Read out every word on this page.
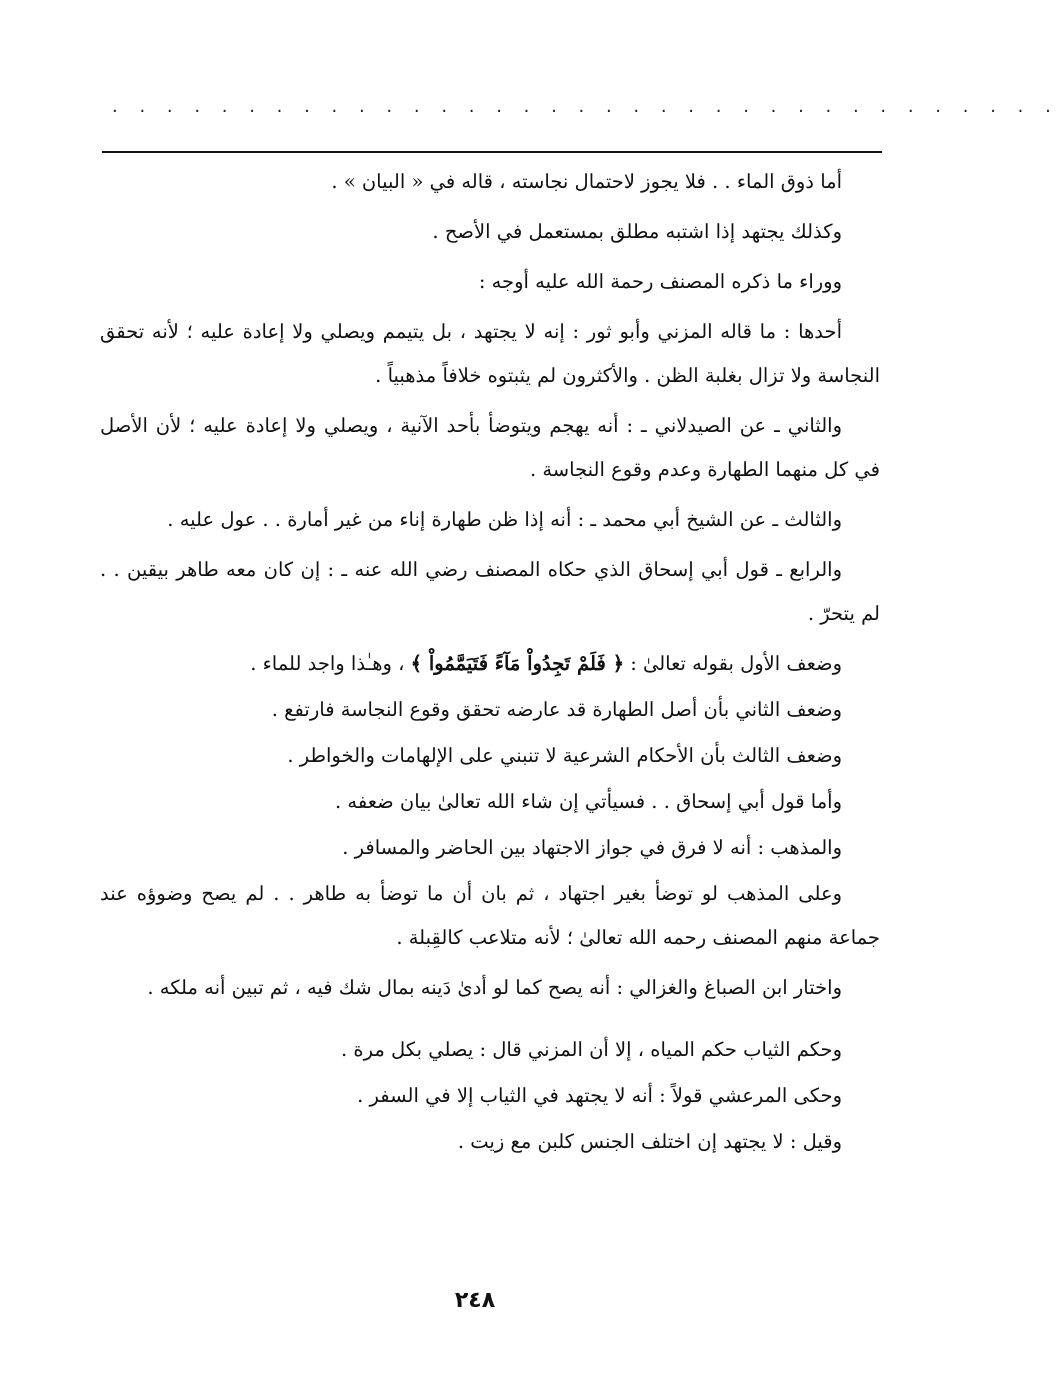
. . . . . . . . . . . . . . . . . . . . . . . . . . . . . . . . . . .

أما ذوق الماء . . فلا يجوز لاحتمال نجاسته ، قاله في « البيان » .

وكذلك يجتهد إذا اشتبه مطلق بمستعمل في الأصح .

ووراء ما ذكره المصنف رحمة الله عليه أوجه :

أحدها : ما قاله المزني وأبو ثور : إنه لا يجتهد ، بل يتيمم ويصلي ولا إعادة عليه ؛ لأنه تحقق النجاسة ولا تزال بغلبة الظن . والأكثرون لم يثبتوه خلافاً مذهبياً .

والثاني ـ عن الصيدلاني ـ : أنه يهجم ويتوضأ بأحد الآنية ، ويصلي ولا إعادة عليه ؛ لأن الأصل في كل منهما الطهارة وعدم وقوع النجاسة .

والثالث ـ عن الشيخ أبي محمد ـ : أنه إذا ظن طهارة إناء من غير أمارة . . عول عليه .

والرابع ـ قول أبي إسحاق الذي حكاه المصنف رضي الله عنه ـ : إن كان معه طاهر بيقين . . لم يتحرّ .

وضعف الأول بقوله تعالىٰ : ﴿ فَلَمْ تَجِدُواْ مَآءً فَتَيَمَّمُواْ ﴾ ، وهـٰذا واجد للماء .

وضعف الثاني بأن أصل الطهارة قد عارضه تحقق وقوع النجاسة فارتفع .

وضعف الثالث بأن الأحكام الشرعية لا تنبني على الإلهامات والخواطر .

وأما قول أبي إسحاق . . فسيأتي إن شاء الله تعالىٰ بيان ضعفه .

والمذهب : أنه لا فرق في جواز الاجتهاد بين الحاضر والمسافر .

وعلى المذهب لو توضأ بغير اجتهاد ، ثم بان أن ما توضأ به طاهر . . لم يصح وضوؤه عند جماعة منهم المصنف رحمه الله تعالىٰ ؛ لأنه متلاعب كالقِبلة .

واختار ابن الصباغ والغزالي : أنه يصح كما لو أدىٰ دَينه بمال شك فيه ، ثم تبين أنه ملكه .

وحكم الثياب حكم المياه ، إلا أن المزني قال : يصلي بكل مرة .

وحكى المرعشي قولاً : أنه لا يجتهد في الثياب إلا في السفر .

وقيل : لا يجتهد إن اختلف الجنس كلبن مع زيت .

٢٤٨
